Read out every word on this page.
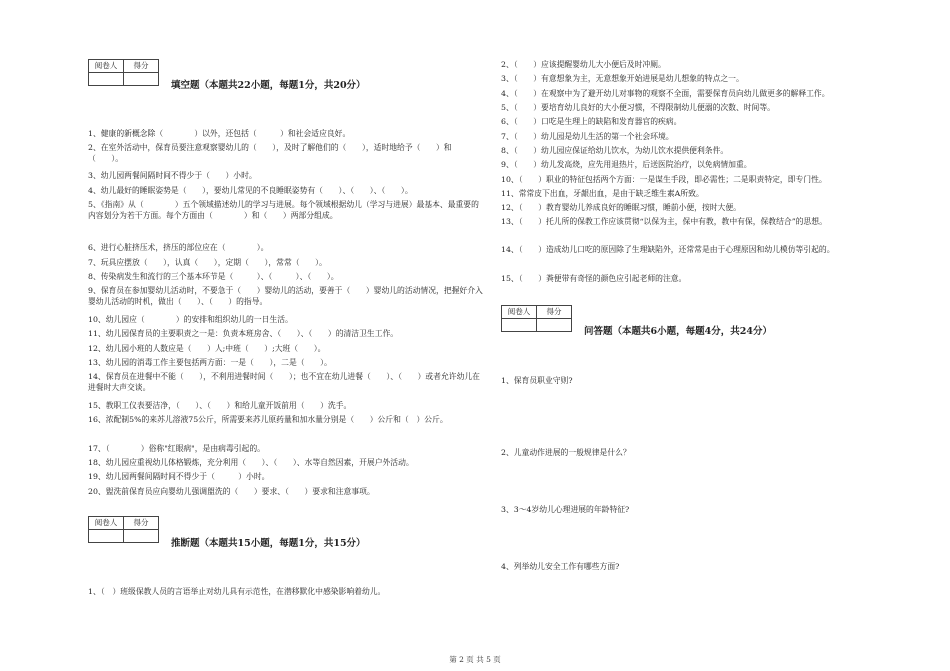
阅卷人	得分

填空题（本题共22小题，每题1分，共20分）
1、健康的新概念除（　　　　）以外，还包括（　　　）和社会适应良好。
2、在室外活动中，保育员要注意观察婴幼儿的（　　），及时了解他们的（　　），适时地给予（　　）和（　　）。
3、幼儿园两餐间隔时间不得少于（　　）小时。
4、幼儿最好的睡眠姿势是（　　），要幼儿常见的不良睡眠姿势有（　　）、（　　）、（　　）。
5、《指南》从（　　　　）五个领域描述幼儿的学习与进展。每个领域根据幼儿（学习与进展）最基本、最重要的内容划分为若干方面。每个方面由（　　　　）和（　　）两部分组成。
6、进行心脏挤压术，挤压的部位应在（　　　　）。
7、玩具应摆放（　　），认真（　　），定期（　　），常常（　　）。
8、传染病发生和流行的三个基本环节是（　　　）、（　　　）、（　　）。
9、保育员在参加婴幼儿活动时，不要急于（　　）婴幼儿的活动，要善于（　　）婴幼儿的活动情况，把握好介入婴幼儿活动的时机，做出（　　）、（　　）的指导。
10、幼儿园应（　　　　）的安排和组织幼儿的一日生活。
11、幼儿园保育员的主要职责之一是：负责本班房舍、（　　）、（　　）的清洁卫生工作。
12、幼儿园小班的人数应是（　　）人;中班（　　）;大班（　　）。
13、幼儿园的消毒工作主要包括两方面：一是（　　），二是（　　）。
14、保育员在进餐中不能（　　），不利用进餐时间（　　）；也不宜在幼儿进餐（　　）、（　　）或者允许幼儿在进餐时大声交谈。
15、教职工仪表要洁净，（　　）、（　　）和给儿童开饭前用（　　）洗手。
16、浓配制5%的来苏儿溶液75公斤，所需要来苏儿原药量和加水量分别是（　　）公斤和（　）公斤。
17、（　　　　）俗称"红眼病"，是由病毒引起的。
18、幼儿园应重视幼儿体格锻炼，充分利用（　　）、（　　）、水等自然因素，开展户外活动。
19、幼儿园两餐间隔时间不得少于（　　　）小时。
20、盥洗前保育员应向婴幼儿强调盥洗的（　　）要求、（　　）要求和注意事项。
阅卷人	得分

推断题（本题共15小题，每题1分，共15分）
1、（　）班级保教人员的言语举止对幼儿具有示范性，在潜移默化中感染影响着幼儿。
2、（　　）应该提醒婴幼儿大小便后及时冲厕。
3、（　　）有意想象为主，无意想象开始进展是幼儿想象的特点之一。
4、（　　）在观察中为了避开幼儿对事物的观察不全面，需要保育员向幼儿做更多的解释工作。
5、（　　）要培育幼儿良好的大小便习惯，不得限制幼儿便溺的次数、时间等。
6、（　　）口吃是生理上的缺陷和发育器官的疾病。
7、（　　）幼儿园是幼儿生活的第一个社会环境。
8、（　　）幼儿园应保证给幼儿饮水，为幼儿饮水提供便利条件。
9、（　　）幼儿发高烧，应先用退热片，后送医院治疗，以免病情加重。
10、（　　）职业的特征包括两个方面：一是谋生手段，即必需性；二是职责特定，即专门性。
11、常常皮下出血，牙龈出血，是由于缺乏维生素A所致。
12、（　　）教育婴幼儿养成良好的睡眠习惯，睡前小便，按时大便。
13、（　　）托儿所的保教工作应该贯彻“以保为主，保中有教，教中有保，保教结合”的思想。
14、（　　）造成幼儿口吃的原因除了生理缺陷外，还常常是由于心理原因和幼儿模仿等引起的。
15、（　　）粪便带有奇怪的颜色应引起老师的注意。
阅卷人	得分

问答题（本题共6小题，每题4分，共24分）
1、保育员职业守则?
2、儿童动作进展的一般规律是什么？
3、3～4岁幼儿心理进展的年龄特征?
4、列举幼儿安全工作有哪些方面?
第 2 页 共 5 页
